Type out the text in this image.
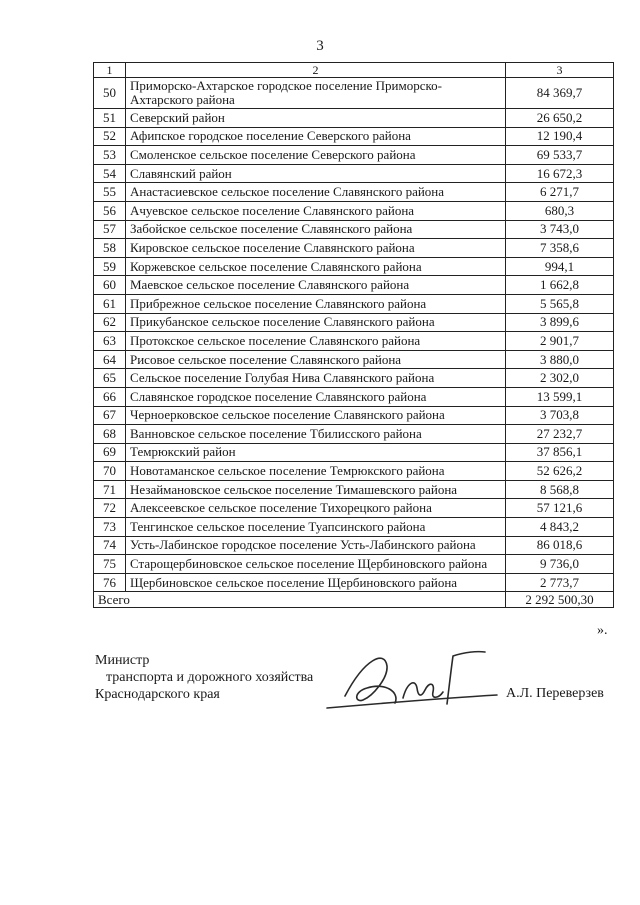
3
1	2	3
50	Приморско-Ахтарское городское поселение Приморско-Ахтарского района	84 369,7
51	Северский район	26 650,2
52	Афипское городское поселение Северского района	12 190,4
53	Смоленское сельское поселение Северского района	69 533,7
54	Славянский район	16 672,3
55	Анастасиевское сельское поселение Славянского района	6 271,7
56	Ачуевское сельское поселение Славянского района	680,3
57	Забойское сельское поселение Славянского района	3 743,0
58	Кировское сельское поселение Славянского района	7 358,6
59	Коржевское сельское поселение Славянского района	994,1
60	Маевское сельское поселение Славянского района	1 662,8
61	Прибрежное сельское поселение Славянского района	5 565,8
62	Прикубанское сельское поселение Славянского района	3 899,6
63	Протокское сельское поселение Славянского района	2 901,7
64	Рисовое сельское поселение Славянского района	3 880,0
65	Сельское поселение Голубая Нива Славянского района	2 302,0
66	Славянское городское поселение Славянского района	13 599,1
67	Черноерковское сельское поселение Славянского района	3 703,8
68	Ванновское сельское поселение Тбилисского района	27 232,7
69	Темрюкский район	37 856,1
70	Новотаманское сельское поселение Темрюкского района	52 626,2
71	Незаймановское сельское поселение Тимашевского района	8 568,8
72	Алексеевское сельское поселение Тихорецкого района	57 121,6
73	Тенгинское сельское поселение Туапсинского района	4 843,2
74	Усть-Лабинское городское поселение Усть-Лабинского района	86 018,6
75	Старощербиновское сельское поселение Щербиновского района	9 736,0
76	Щербиновское сельское поселение Щербиновского района	2 773,7
Всего		2 292 500,30
».
Министр
транспорта и дорожного хозяйства
Краснодарского края	А.Л. Переверзев
